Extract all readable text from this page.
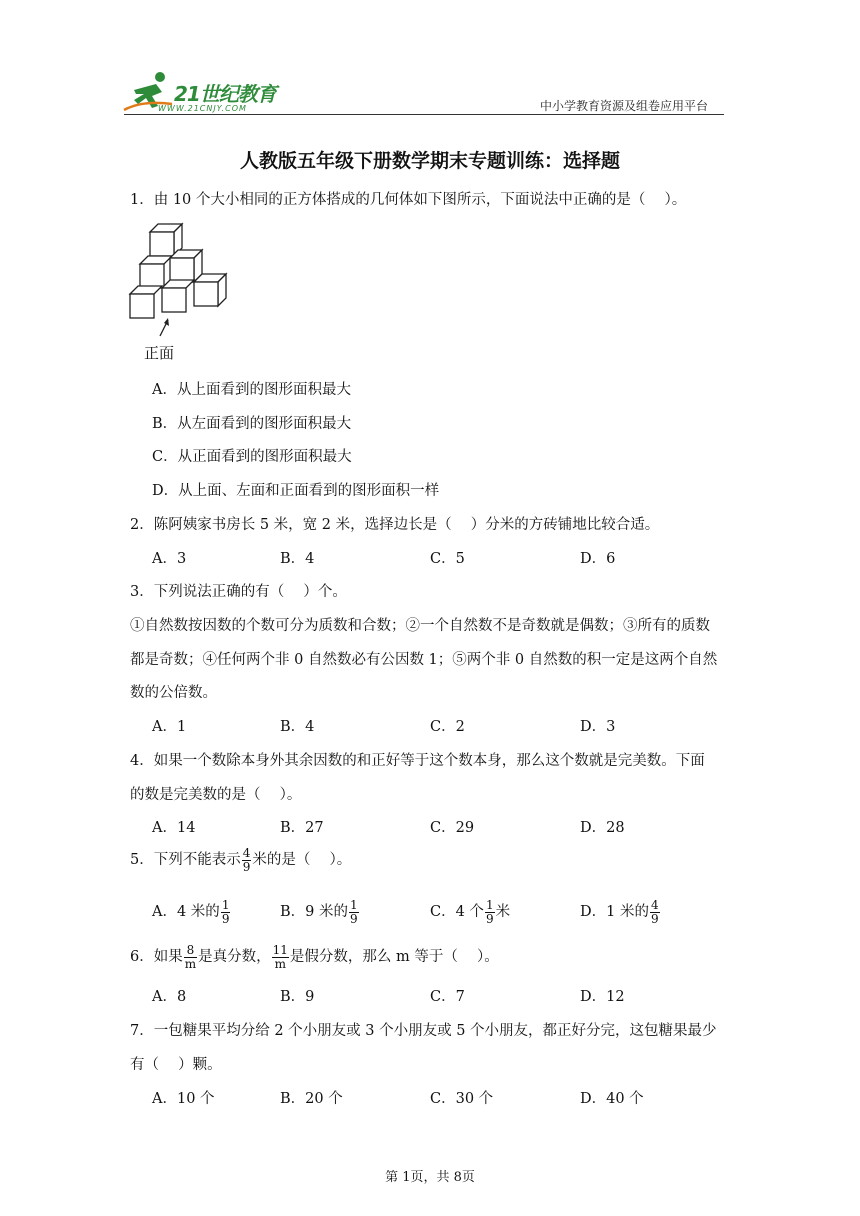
21世纪教育
WWW.21CNJY.COM	中小学教育资源及组卷应用平台
人教版五年级下册数学期末专题训练：选择题
1．由 10 个大小相同的正方体搭成的几何体如下图所示，下面说法中正确的是（　 ）。
正面
A．从上面看到的图形面积最大
B．从左面看到的图形面积最大
C．从正面看到的图形面积最大
D．从上面、左面和正面看到的图形面积一样
2．陈阿姨家书房长 5 米，宽 2 米，选择边长是（　 ）分米的方砖铺地比较合适。
A．3	B．4	C．5	D．6
3．下列说法正确的有（　 ）个。
①自然数按因数的个数可分为质数和合数；②一个自然数不是奇数就是偶数；③所有的质数
都是奇数；④任何两个非 0 自然数必有公因数 1；⑤两个非 0 自然数的积一定是这两个自然
数的公倍数。
A．1	B．4	C．2	D．3
4．如果一个数除本身外其余因数的和正好等于这个数本身，那么这个数就是完美数。下面
的数是完美数的是（　 ）。
A．14	B．27	C．29	D．28
5．下列不能表示 $\frac{4}{9}$ 米的是（　 ）。
A．4 米的 $\frac{1}{9}$	B．9 米的 $\frac{1}{9}$	C．4 个 $\frac{1}{9}$ 米	D．1 米的 $\frac{4}{9}$
6．如果 $\frac{8}{m}$ 是真分数， $\frac{11}{m}$ 是假分数，那么 m 等于（　 ）。
A．8	B．9	C．7	D．12
7．一包糖果平均分给 2 个小朋友或 3 个小朋友或 5 个小朋友，都正好分完，这包糖果最少
有（　 ）颗。
A．10 个	B．20 个	C．30 个	D．40 个
第 1页，共 8页
